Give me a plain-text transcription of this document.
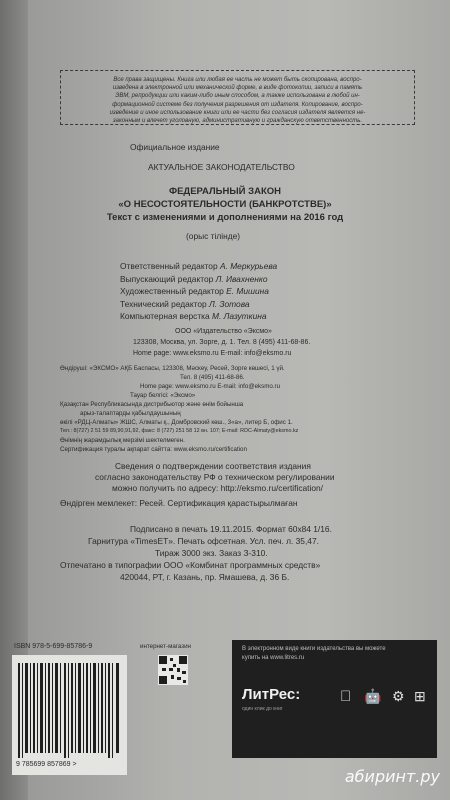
Все права защищены. Книга или любая ее часть не может быть скопирована, воспро-
изведена в электронной или механической форме, в виде фотокопии, записи в память
ЭВМ, репродукции или каким-либо иным способом, а также использована в любой ин-
формационной системе без получения разрешения от издателя. Копирование, воспро-
изведение и иное использование книги или ее части без согласия издателя является не-
законным и влечет уголовную, административную и гражданскую ответственность.
Официальное издание
АКТУАЛЬНОЕ ЗАКОНОДАТЕЛЬСТВО
ФЕДЕРАЛЬНЫЙ ЗАКОН
«О НЕСОСТОЯТЕЛЬНОСТИ (БАНКРОТСТВЕ)»
Текст с изменениями и дополнениями на 2016 год
(орыс тілінде)
Ответственный редактор А. Меркурьева
Выпускающий редактор Л. Ивахненко
Художественный редактор Е. Мишина
Технический редактор Л. Зотова
Компьютерная верстка М. Лазуткина
ООО «Издательство «Эксмо»
123308, Москва, ул. Зорге, д. 1. Тел. 8 (495) 411-68-86.
Home page: www.eksmo.ru E-mail: info@eksmo.ru
Өндіруші: «ЭКСМО» АҚБ Баспасы, 123308, Мәскеу, Ресей, Зорге көшесі, 1 үй.
Тел. 8 (495) 411-68-86.
Home page: www.eksmo.ru E-mail: info@eksmo.ru
Тауар белгісі: «Эксмо»
Қазақстан Республикасында дистрибьютор және өнім бойынша
арыз-талаптарды қабылдаушының
өкілі «РДЦ-Алматы» ЖШС, Алматы қ., Домбровский көш., 3«а», литер Б, офис 1.
Тел.: 8(727) 2 51 59 89,90,91,92, факс: 8 (727) 251 58 12 вн. 107; E-mail: RDC-Almaty@eksmo.kz
Өнімнің жарамдылық мерзімі шектелмеген.
Сертификация туралы ақпарат сайтта: www.eksmo.ru/certification
Сведения о подтверждении соответствия издания
согласно законодательству РФ о техническом регулировании
можно получить по адресу: http://eksmo.ru/certification/
Өндірген мемлекет: Ресей. Сертификация қарастырылмаған
Подписано в печать 19.11.2015. Формат 60x84 1/16.
Гарнитура «TimesET». Печать офсетная. Усл. печ. л. 35,47.
Тираж 3000 экз. Заказ З-310.
Отпечатано в типографии ООО «Комбинат программных средств»
420044, РТ, г. Казань, пр. Ямашева, д. 36 Б.
ISBN 978-5-699-85786-9
9 785699 857869 >
интернет-магазин	В электронном виде книги издательства вы можете
купить на www.litres.ru
ЛитРес:
один клик до книг
🤖 ⚙ ⊞
абиринт.ру
